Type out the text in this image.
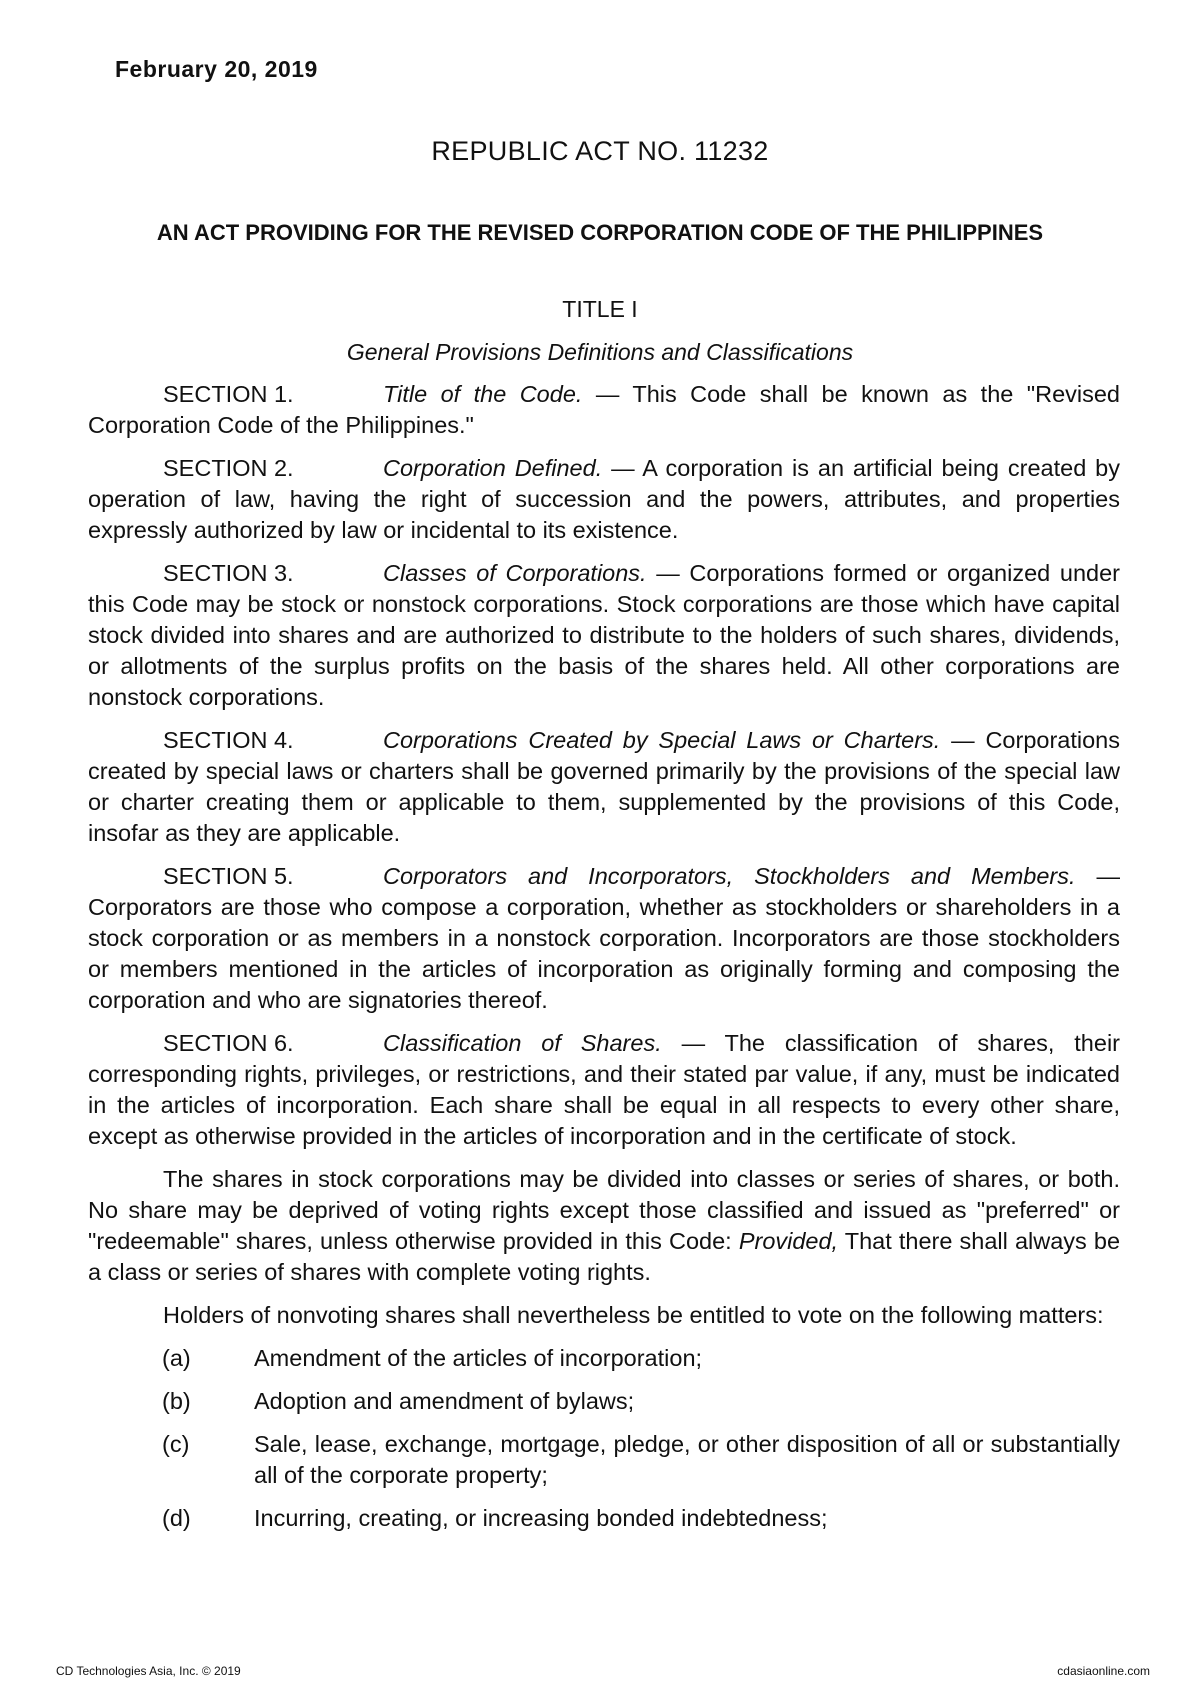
February 20, 2019
REPUBLIC ACT NO. 11232
AN ACT PROVIDING FOR THE REVISED CORPORATION CODE OF THE PHILIPPINES
TITLE I
General Provisions Definitions and Classifications

SECTION 1.	Title of the Code. — This Code shall be known as the "Revised Corporation Code of the Philippines."

SECTION 2.	Corporation Defined. — A corporation is an artificial being created by operation of law, having the right of succession and the powers, attributes, and properties expressly authorized by law or incidental to its existence.

SECTION 3.	Classes of Corporations. — Corporations formed or organized under this Code may be stock or nonstock corporations. Stock corporations are those which have capital stock divided into shares and are authorized to distribute to the holders of such shares, dividends, or allotments of the surplus profits on the basis of the shares held. All other corporations are nonstock corporations.

SECTION 4.	Corporations Created by Special Laws or Charters. — Corporations created by special laws or charters shall be governed primarily by the provisions of the special law or charter creating them or applicable to them, supplemented by the provisions of this Code, insofar as they are applicable.

SECTION 5.	Corporators and Incorporators, Stockholders and Members. — Corporators are those who compose a corporation, whether as stockholders or shareholders in a stock corporation or as members in a nonstock corporation. Incorporators are those stockholders or members mentioned in the articles of incorporation as originally forming and composing the corporation and who are signatories thereof.

SECTION 6.	Classification of Shares. — The classification of shares, their corresponding rights, privileges, or restrictions, and their stated par value, if any, must be indicated in the articles of incorporation. Each share shall be equal in all respects to every other share, except as otherwise provided in the articles of incorporation and in the certificate of stock.

The shares in stock corporations may be divided into classes or series of shares, or both. No share may be deprived of voting rights except those classified and issued as "preferred" or "redeemable" shares, unless otherwise provided in this Code: Provided, That there shall always be a class or series of shares with complete voting rights.

Holders of nonvoting shares shall nevertheless be entitled to vote on the following matters:

(a)	Amendment of the articles of incorporation;
(b)	Adoption and amendment of bylaws;
(c)	Sale, lease, exchange, mortgage, pledge, or other disposition of all or substantially all of the corporate property;
(d)	Incurring, creating, or increasing bonded indebtedness;
CD Technologies Asia, Inc. © 2019	cdasiaonline.com
